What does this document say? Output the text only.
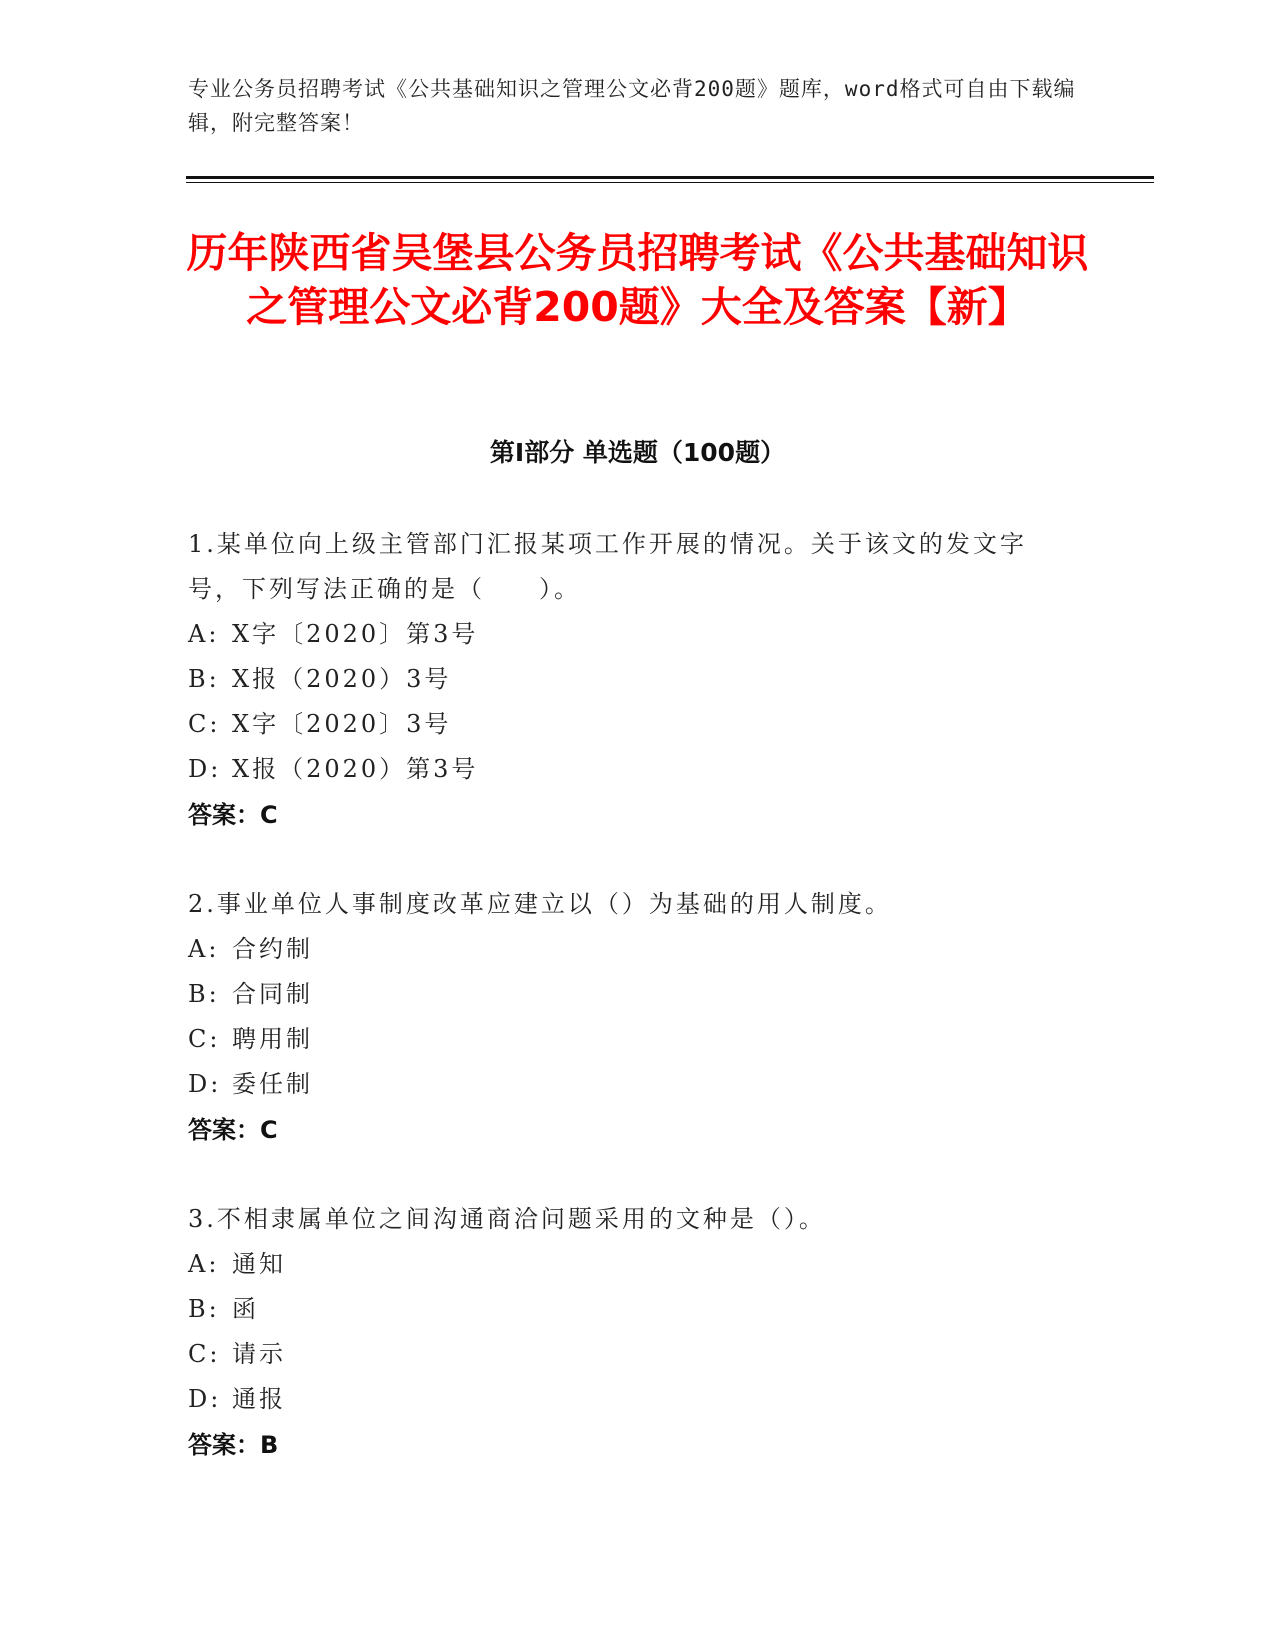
专业公务员招聘考试《公共基础知识之管理公文必背200题》题库，word格式可自由下载编辑，附完整答案！
历年陕西省吴堡县公务员招聘考试《公共基础知识之管理公文必背200题》大全及答案【新】
第Ⅰ部分 单选题（100题）
1.某单位向上级主管部门汇报某项工作开展的情况。关于该文的发文字号，下列写法正确的是（　　）。
A: X字〔2020〕第3号
B: X报（2020）3号
C: X字〔2020〕3号
D: X报（2020）第3号
答案：C
2.事业单位人事制度改革应建立以（）为基础的用人制度。
A: 合约制
B: 合同制
C: 聘用制
D: 委任制
答案：C
3.不相隶属单位之间沟通商洽问题采用的文种是（）。
A: 通知
B: 函
C: 请示
D: 通报
答案：B
